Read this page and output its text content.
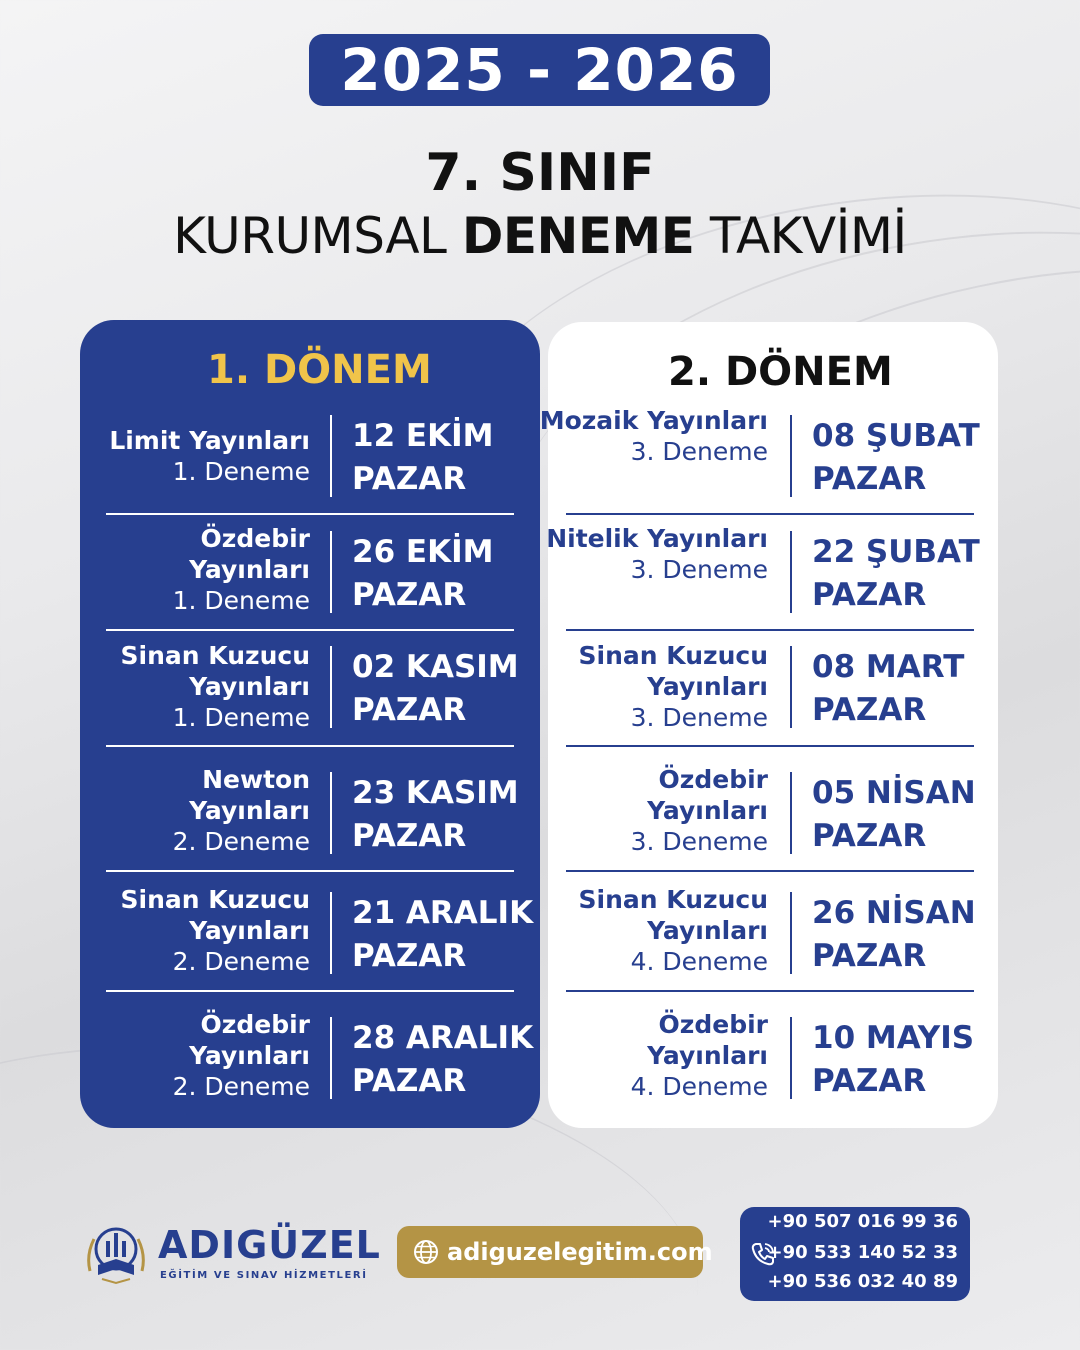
2025 - 2026
7. SINIF
KURUMSAL DENEME TAKVİMİ
1. DÖNEM
Limit Yayınları
1. Deneme
12 EKİM
PAZAR
Özdebir Yayınları
1. Deneme
26 EKİM
PAZAR
Sinan Kuzucu Yayınları
1. Deneme
02 KASIM
PAZAR
Newton Yayınları
2. Deneme
23 KASIM
PAZAR
Sinan Kuzucu Yayınları
2. Deneme
21 ARALIK
PAZAR
Özdebir Yayınları
2. Deneme
28 ARALIK
PAZAR
2. DÖNEM
Mozaik Yayınları
3. Deneme 08 ŞUBAT
PAZAR
Nitelik Yayınları
3. Deneme 22 ŞUBAT
PAZAR
Sinan Kuzucu Yayınları
3. Deneme
08 MART
PAZAR
Özdebir Yayınları
3. Deneme
05 NİSAN
PAZAR
Sinan Kuzucu Yayınları
4. Deneme
26 NİSAN
PAZAR
Özdebir Yayınları
4. Deneme
10 MAYIS
PAZAR
ADIGÜZEL
EĞİTİM VE SINAV HİZMETLERİ
adiguzelegitim.com
+90 507 016 99 36
+90 533 140 52 33
+90 536 032 40 89
